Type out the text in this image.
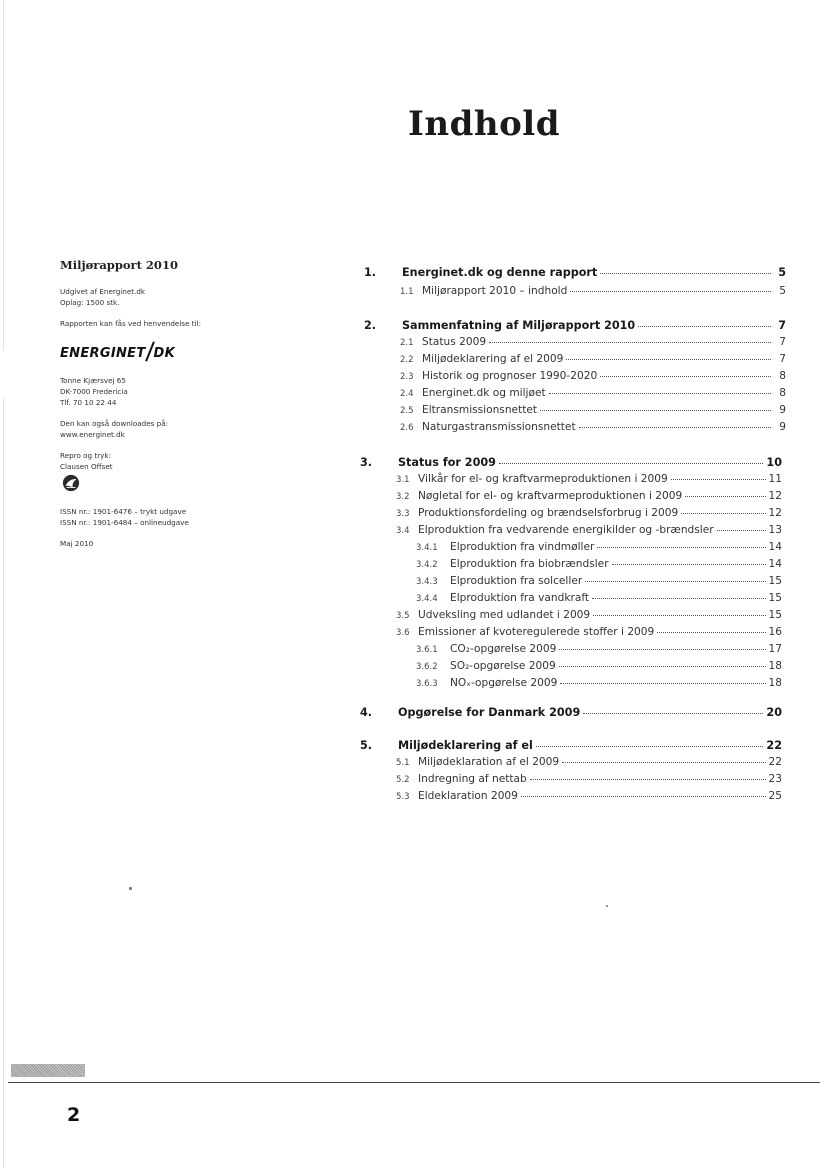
Indhold
Miljørapport 2010
Udgivet af Energinet.dk
Oplag: 1500 stk.
Rapporten kan fås ved henvendelse til:
ENERGINET DK
Tonne Kjærsvej 65
DK-7000 Fredericia
Tlf. 70 10 22 44
Den kan også downloades på:
www.energinet.dk
Repro og tryk:
Clausen Offset
ISSN nr.: 1901-6476 – trykt udgave
ISSN nr.: 1901-6484 – onlineudgave
Maj 2010
1.	Energinet.dk og denne rapport	5
1.1 Miljørapport 2010 – indhold	5
2.	Sammenfatning af Miljørapport 2010	7
2.1 Status 2009	7
2.2 Miljødeklarering af el 2009	7
2.3 Historik og prognoser 1990-2020	8
2.4 Energinet.dk og miljøet	8
2.5 Eltransmissionsnettet	9
2.6 Naturgastransmissionsnettet	9
3.	Status for 2009	10
3.1 Vilkår for el- og kraftvarmeproduktionen i 2009	11
3.2 Nøgletal for el- og kraftvarmeproduktionen i 2009	12
3.3 Produktionsfordeling og brændselsforbrug i 2009	12
3.4 Elproduktion fra vedvarende energikilder og -brændsler	13
3.4.1	Elproduktion fra vindmøller	14
3.4.2	Elproduktion fra biobrændsler	14
3.4.3	Elproduktion fra solceller	15
3.4.4	Elproduktion fra vandkraft	15
3.5 Udveksling med udlandet i 2009	15
3.6 Emissioner af kvoteregulerede stoffer i 2009	16
3.6.1	CO₂-opgørelse 2009	17
3.6.2	SO₂-opgørelse 2009	18
3.6.3	NOₓ-opgørelse 2009	18
4.	Opgørelse for Danmark 2009	20
5.	Miljødeklarering af el	22
5.1 Miljødeklaration af el 2009	22
5.2 Indregning af nettab	23
5.3 Eldeklaration 2009	25
2
